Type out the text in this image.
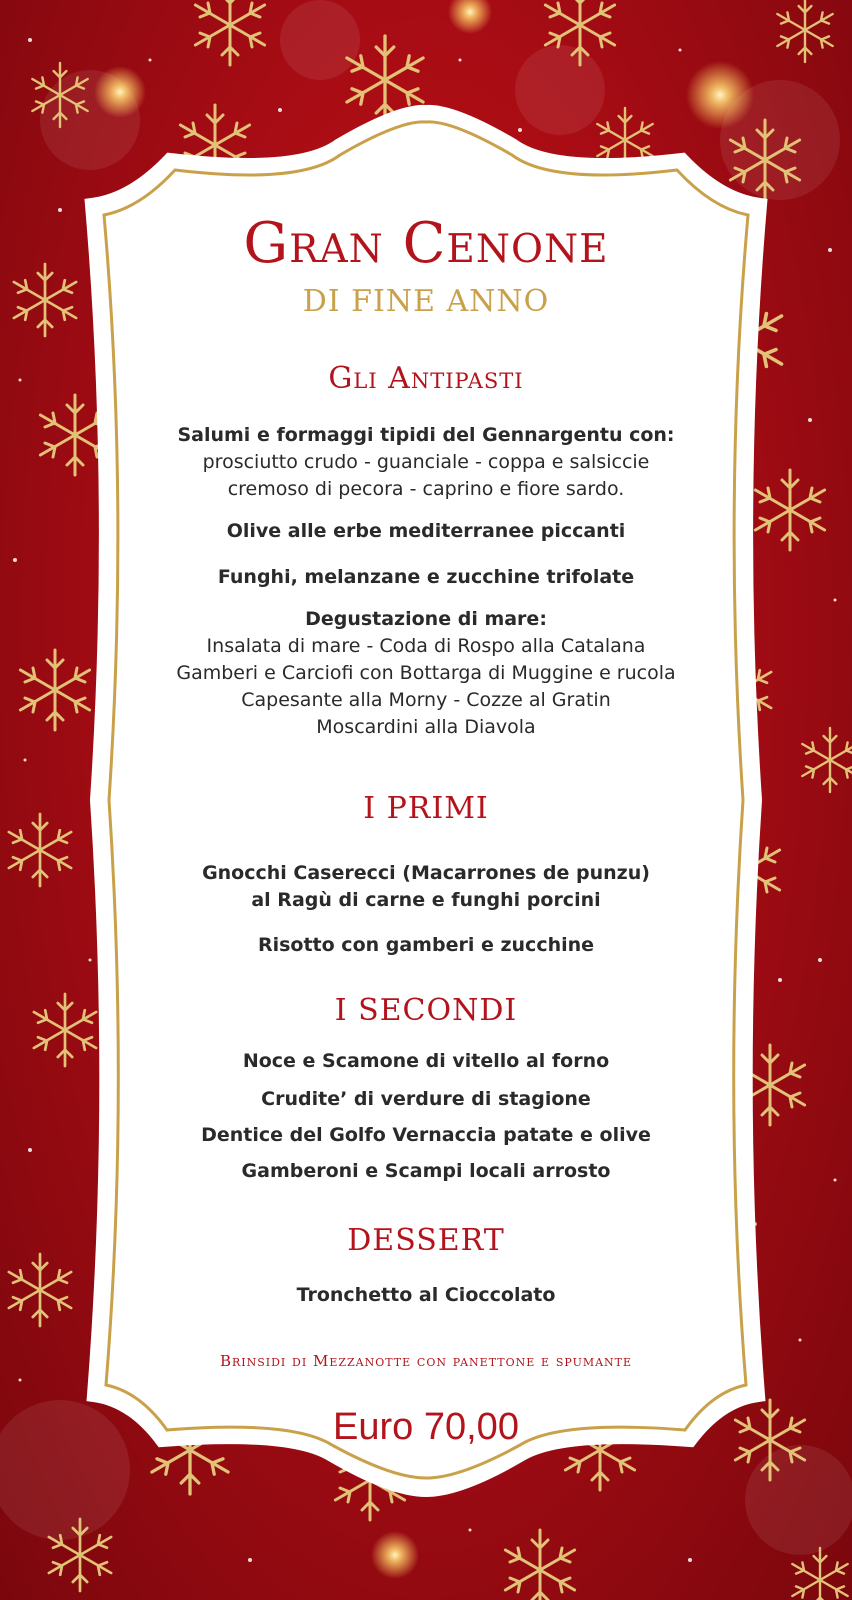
Gran Cenone
DI FINE ANNO
Gli Antipasti
Salumi e formaggi tipidi del Gennargentu con:
prosciutto crudo - guanciale - coppa e salsiccie
cremoso di pecora - caprino e fiore sardo.
Olive alle erbe mediterranee piccanti
Funghi, melanzane e zucchine trifolate
Degustazione di mare:
Insalata di mare - Coda di Rospo alla Catalana
Gamberi e Carciofi con Bottarga di Muggine e rucola
Capesante alla Morny - Cozze al Gratin
Moscardini alla Diavola
I PRIMI
Gnocchi Caserecci (Macarrones de punzu)
al Ragù di carne e funghi porcini
Risotto con gamberi e zucchine
I SECONDI
Noce e Scamone di vitello al forno
Crudite’ di verdure di stagione
Dentice del Golfo Vernaccia patate e olive
Gamberoni e Scampi locali arrosto
DESSERT
Tronchetto al Cioccolato
Brinsidi di Mezzanotte con panettone e spumante
Euro 70,00
